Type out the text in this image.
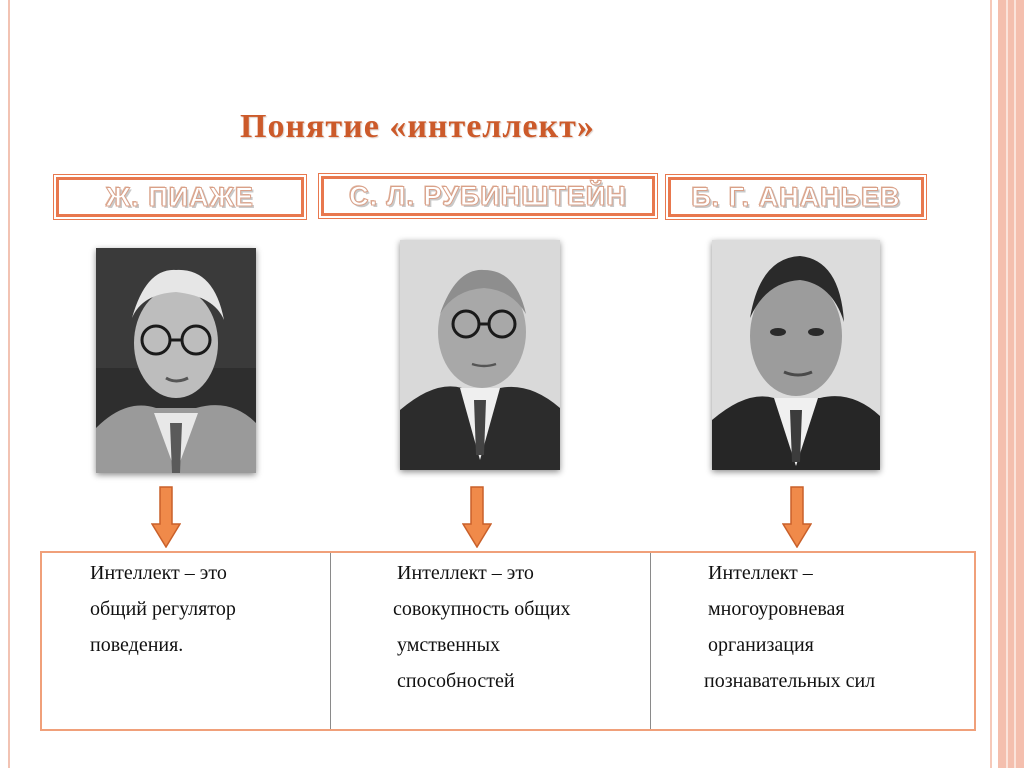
Понятие «интеллект»
Ж. ПИАЖЕ	С. Л. РУБИНШТЕЙН Б. Г. АНАНЬЕВ
Интеллект – это
общий регулятор
поведения.
Интеллект – это
совокупность общих
умственных
способностей
Интеллект –
многоуровневая
организация
познавательных сил
